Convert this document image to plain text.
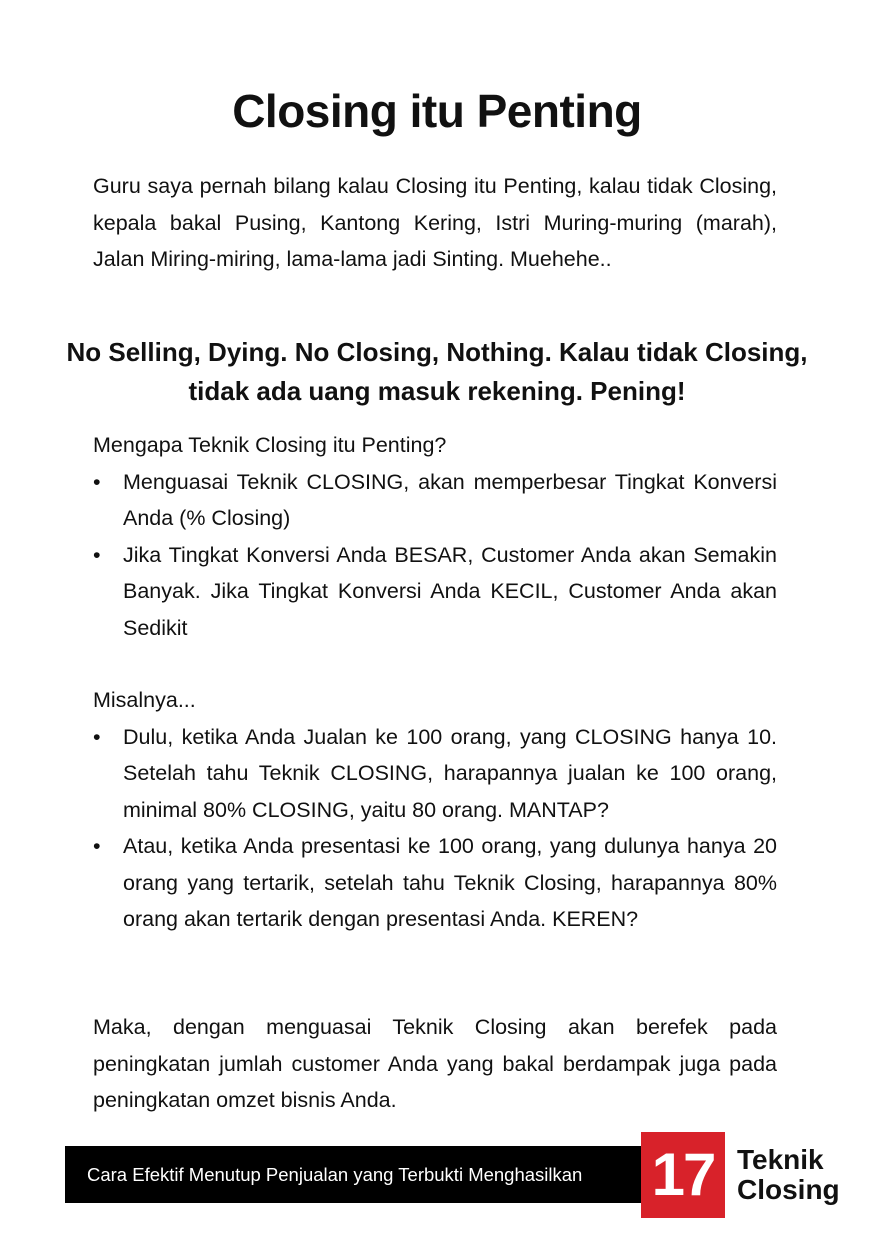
Closing itu Penting

Guru saya pernah bilang kalau Closing itu Penting, kalau tidak Closing, kepala bakal Pusing, Kantong Kering, Istri Muring-muring (marah), Jalan Miring-miring, lama-lama jadi Sinting. Muehehe..

No Selling, Dying. No Closing, Nothing. Kalau tidak Closing, tidak ada uang masuk rekening. Pening!

Mengapa Teknik Closing itu Penting?

• Menguasai Teknik CLOSING, akan memperbesar Tingkat Konversi Anda (% Closing)
• Jika Tingkat Konversi Anda BESAR, Customer Anda akan Semakin Banyak. Jika Tingkat Konversi Anda KECIL, Customer Anda akan Sedikit

Misalnya...

• Dulu, ketika Anda Jualan ke 100 orang, yang CLOSING hanya 10. Setelah tahu Teknik CLOSING, harapannya jualan ke 100 orang, minimal 80% CLOSING, yaitu 80 orang. MANTAP?
• Atau, ketika Anda presentasi ke 100 orang, yang dulunya hanya 20 orang yang tertarik, setelah tahu Teknik Closing, harapannya 80% orang akan tertarik dengan presentasi Anda. KEREN?

Maka, dengan menguasai Teknik Closing akan berefek pada peningkatan jumlah customer Anda yang bakal berdampak juga pada peningkatan omzet bisnis Anda.

Cara Efektif Menutup Penjualan yang Terbukti Menghasilkan	17 Teknik
Closing
